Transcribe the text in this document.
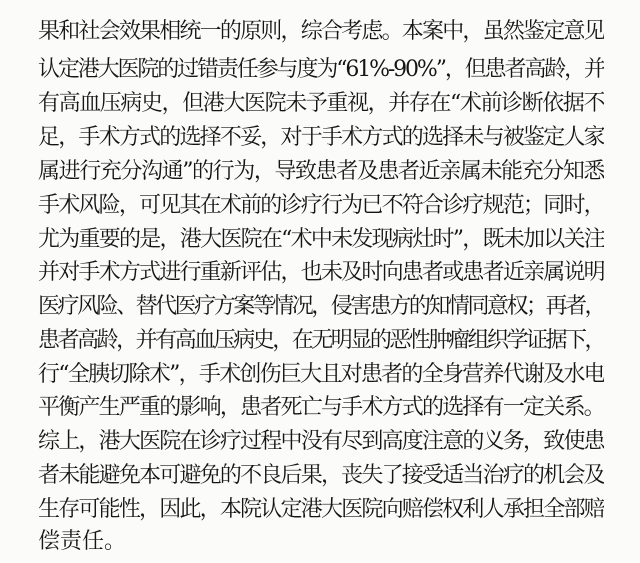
果和社会效果相统一的原则，综合考虑。本案中，虽然鉴定意见
认定港大医院的过错责任参与度为“61%-90%”，但患者高龄，并
有高血压病史，但港大医院未予重视，并存在“术前诊断依据不
足，手术方式的选择不妥，对于手术方式的选择未与被鉴定人家
属进行充分沟通”的行为，导致患者及患者近亲属未能充分知悉
手术风险，可见其在术前的诊疗行为已不符合诊疗规范；同时，
尤为重要的是，港大医院在“术中未发现病灶时”，既未加以关注
并对手术方式进行重新评估，也未及时向患者或患者近亲属说明
医疗风险、替代医疗方案等情况，侵害患方的知情同意权；再者，
患者高龄，并有高血压病史，在无明显的恶性肿瘤组织学证据下，
行“全胰切除术”，手术创伤巨大且对患者的全身营养代谢及水电
平衡产生严重的影响，患者死亡与手术方式的选择有一定关系。
综上，港大医院在诊疗过程中没有尽到高度注意的义务，致使患
者未能避免本可避免的不良后果，丧失了接受适当治疗的机会及
生存可能性，因此，本院认定港大医院向赔偿权利人承担全部赔
偿责任。
